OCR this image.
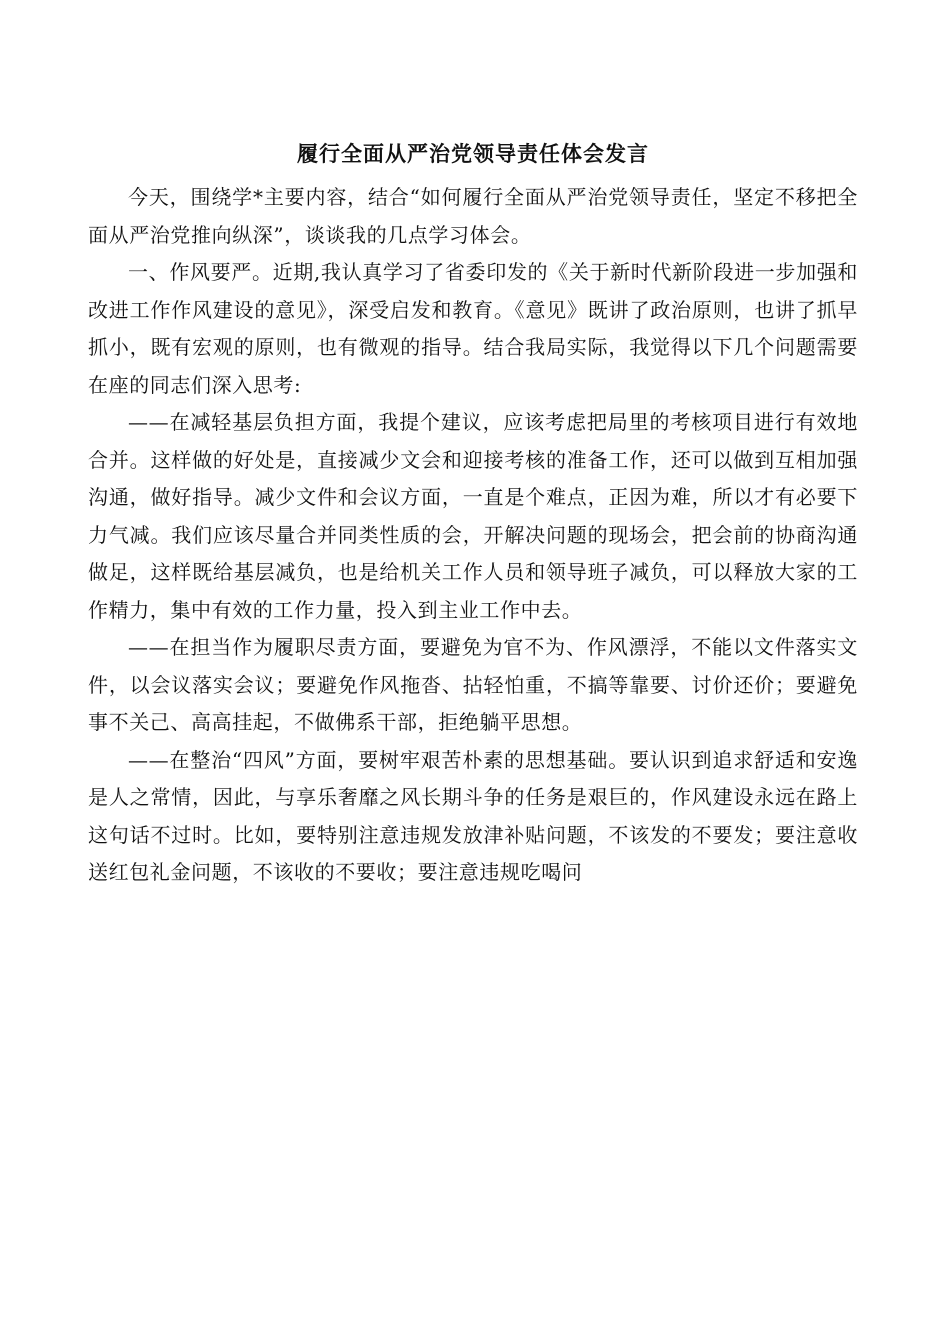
履行全面从严治党领导责任体会发言

今天，围绕学*主要内容，结合“如何履行全面从严治党领导责任，坚定不移把全面从严治党推向纵深”，谈谈我的几点学习体会。

一、作风要严。近期,我认真学习了省委印发的《关于新时代新阶段进一步加强和改进工作作风建设的意见》，深受启发和教育。《意见》既讲了政治原则，也讲了抓早抓小，既有宏观的原则，也有微观的指导。结合我局实际，我觉得以下几个问题需要在座的同志们深入思考:

——在减轻基层负担方面，我提个建议，应该考虑把局里的考核项目进行有效地合并。这样做的好处是，直接减少文会和迎接考核的准备工作，还可以做到互相加强沟通，做好指导。减少文件和会议方面，一直是个难点，正因为难，所以才有必要下力气减。我们应该尽量合并同类性质的会，开解决问题的现场会，把会前的协商沟通做足，这样既给基层减负，也是给机关工作人员和领导班子减负，可以释放大家的工作精力，集中有效的工作力量，投入到主业工作中去。

——在担当作为履职尽责方面，要避免为官不为、作风漂浮，不能以文件落实文件，以会议落实会议；要避免作风拖沓、拈轻怕重，不搞等靠要、讨价还价；要避免事不关己、高高挂起，不做佛系干部，拒绝躺平思想。

——在整治“四风”方面，要树牢艰苦朴素的思想基础。要认识到追求舒适和安逸是人之常情，因此，与享乐奢靡之风长期斗争的任务是艰巨的，作风建设永远在路上这句话不过时。比如，要特别注意违规发放津补贴问题，不该发的不要发；要注意收送红包礼金问题，不该收的不要收；要注意违规吃喝问
